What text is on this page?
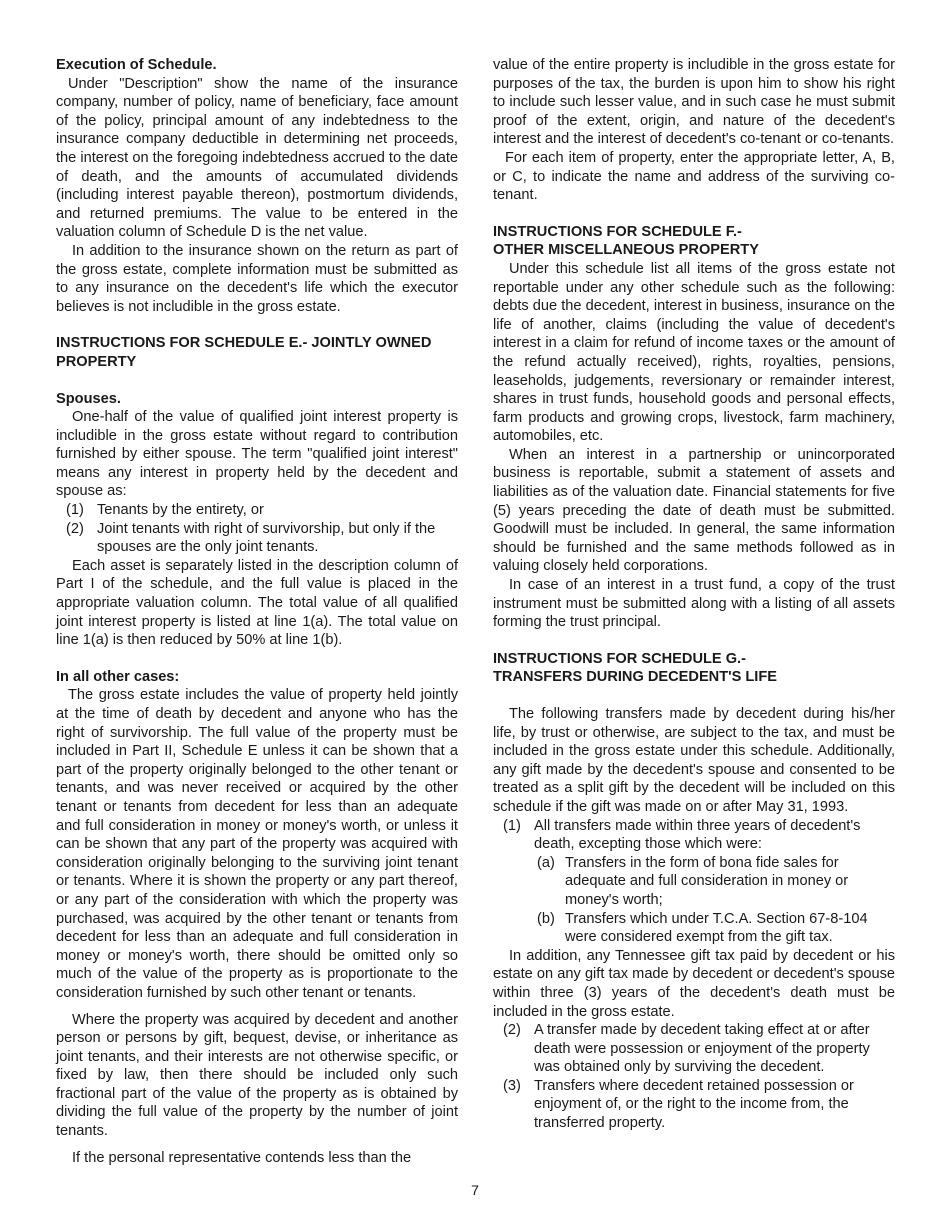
Execution of Schedule.

Under "Description" show the name of the insurance company, number of policy, name of beneficiary, face amount of the policy, principal amount of any indebtedness to the insurance company deductible in determining net proceeds, the interest on the foregoing indebtedness accrued to the date of death, and the amounts of accumulated dividends (including interest payable thereon), postmortum dividends, and returned premiums. The value to be entered in the valuation column of Schedule D is the net value.

In addition to the insurance shown on the return as part of the gross estate, complete information must be submitted as to any insurance on the decedent's life which the executor believes is not includible in the gross estate.

INSTRUCTIONS FOR SCHEDULE E.- JOINTLY OWNED PROPERTY
Spouses.

One-half of the value of qualified joint interest property is includible in the gross estate without regard to contribution furnished by either spouse. The term "qualified joint interest" means any interest in property held by the decedent and spouse as:

(1) Tenants by the entirety, or
(2) Joint tenants with right of survivorship, but only if the spouses are the only joint tenants.

Each asset is separately listed in the description column of Part I of the schedule, and the full value is placed in the appropriate valuation column. The total value of all qualified joint interest property is listed at line 1(a). The total value on line 1(a) is then reduced by 50% at line 1(b).

In all other cases:

The gross estate includes the value of property held jointly at the time of death by decedent and anyone who has the right of survivorship. The full value of the property must be included in Part II, Schedule E unless it can be shown that a part of the property originally belonged to the other tenant or tenants, and was never received or acquired by the other tenant or tenants from decedent for less than an adequate and full consideration in money or money's worth, or unless it can be shown that any part of the property was acquired with consideration originally belonging to the surviving joint tenant or tenants. Where it is shown the property or any part thereof, or any part of the consideration with which the property was purchased, was acquired by the other tenant or tenants from decedent for less than an adequate and full consideration in money or money's worth, there should be omitted only so much of the value of the property as is proportionate to the consideration furnished by such other tenant or tenants.

Where the property was acquired by decedent and another person or persons by gift, bequest, devise, or inheritance as joint tenants, and their interests are not otherwise specific, or fixed by law, then there should be included only such fractional part of the value of the property as is obtained by dividing the full value of the property by the number of joint tenants.

If the personal representative contends less than the

value of the entire property is includible in the gross estate for purposes of the tax, the burden is upon him to show his right to include such lesser value, and in such case he must submit proof of the extent, origin, and nature of the decedent's interest and the interest of decedent's co-tenant or co-tenants.

For each item of property, enter the appropriate letter, A, B, or C, to indicate the name and address of the surviving co-tenant.

INSTRUCTIONS FOR SCHEDULE F.-
OTHER MISCELLANEOUS PROPERTY

Under this schedule list all items of the gross estate not reportable under any other schedule such as the following: debts due the decedent, interest in business, insurance on the life of another, claims (including the value of decedent's interest in a claim for refund of income taxes or the amount of the refund actually received), rights, royalties, pensions, leaseholds, judgements, reversionary or remainder interest, shares in trust funds, household goods and personal effects, farm products and growing crops, livestock, farm machinery, automobiles, etc.

When an interest in a partnership or unincorporated business is reportable, submit a statement of assets and liabilities as of the valuation date. Financial statements for five (5) years preceding the date of death must be submitted. Goodwill must be included. In general, the same information should be furnished and the same methods followed as in valuing closely held corporations.

In case of an interest in a trust fund, a copy of the trust instrument must be submitted along with a listing of all assets forming the trust principal.

INSTRUCTIONS FOR SCHEDULE G.-
TRANSFERS DURING DECEDENT'S LIFE

The following transfers made by decedent during his/her life, by trust or otherwise, are subject to the tax, and must be included in the gross estate under this schedule. Additionally, any gift made by the decedent's spouse and consented to be treated as a split gift by the decedent will be included on this schedule if the gift was made on or after May 31, 1993.

(1) All transfers made within three years of decedent's death, excepting those which were:
(a) Transfers in the form of bona fide sales for adequate and full consideration in money or money's worth;
(b) Transfers which under T.C.A. Section 67-8-104 were considered exempt from the gift tax.

In addition, any Tennessee gift tax paid by decedent or his estate on any gift tax made by decedent or decedent's spouse within three (3) years of the decedent's death must be included in the gross estate.

(2) A transfer made by decedent taking effect at or after death were possession or enjoyment of the property was obtained only by surviving the decedent.
(3) Transfers where decedent retained possession or enjoyment of, or the right to the income from, the transferred property.
7
